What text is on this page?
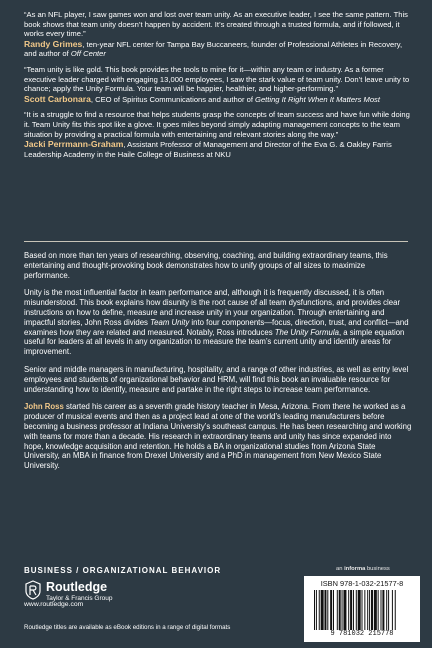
“As an NFL player, I saw games won and lost over team unity. As an executive leader, I see the same pattern. This book shows that team unity doesn’t happen by accident. It’s created through a trusted formula, and if followed, it works every time.”
Randy Grimes, ten-year NFL center for Tampa Bay Buccaneers, founder of Professional Athletes in Recovery, and author of Off Center
“Team unity is like gold. This book provides the tools to mine for it—within any team or industry. As a former executive leader charged with engaging 13,000 employees, I saw the stark value of team unity. Don’t leave unity to chance; apply the Unity Formula. Your team will be happier, healthier, and higher-performing.”
Scott Carbonara, CEO of Spiritus Communications and author of Getting It Right When It Matters Most
“It is a struggle to find a resource that helps students grasp the concepts of team success and have fun while doing it. Team Unity fits this spot like a glove. It goes miles beyond simply adapting management concepts to the team situation by providing a practical formula with entertaining and relevant stories along the way.”
Jacki Perrmann-Graham, Assistant Professor of Management and Director of the Eva G. & Oakley Farris Leadership Academy in the Haile College of Business at NKU

Based on more than ten years of researching, observing, coaching, and building extraordinary teams, this entertaining and thought-provoking book demonstrates how to unify groups of all sizes to maximize performance.

Unity is the most influential factor in team performance and, although it is frequently discussed, it is often misunderstood. This book explains how disunity is the root cause of all team dysfunctions, and provides clear instructions on how to define, measure and increase unity in your organization. Through entertaining and impactful stories, John Ross divides Team Unity into four components—focus, direction, trust, and conflict—and examines how they are related and measured. Notably, Ross introduces The Unity Formula, a simple equation useful for leaders at all levels in any organization to measure the team’s current unity and identify areas for improvement.

Senior and middle managers in manufacturing, hospitality, and a range of other industries, as well as entry level employees and students of organizational behavior and HRM, will find this book an invaluable resource for understanding how to identify, measure and partake in the right steps to increase team performance.

John Ross started his career as a seventh grade history teacher in Mesa, Arizona. From there he worked as a producer of musical events and then as a project lead at one of the world’s leading manufacturers before becoming a business professor at Indiana University’s southeast campus. He has been researching and working with teams for more than a decade. His research in extraordinary teams and unity has since expanded into hope, knowledge acquisition and retention. He holds a BA in organizational studies from Arizona State University, an MBA in finance from Drexel University and a PhD in management from New Mexico State University.

BUSINESS / ORGANIZATIONAL BEHAVIOR
Routledge
Taylor & Francis Group
www.routledge.com
Routledge titles are available as eBook editions in a range of digital formats
an informa business
ISBN 978-1-032-21577-8
9 781032 215778
